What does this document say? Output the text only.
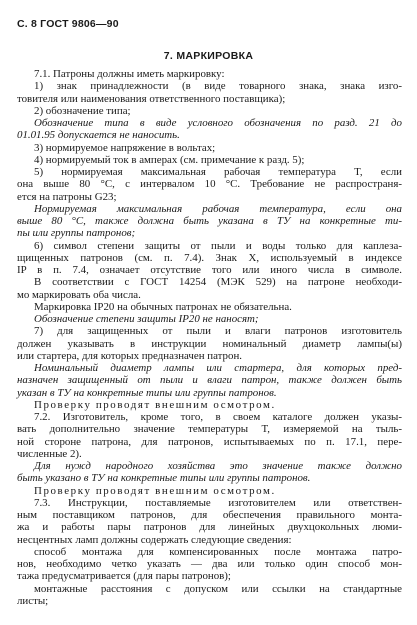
С. 8 ГОСТ 9806—90
7. МАРКИРОВКА
7.1. Патроны должны иметь маркировку:
1) знак принадлежности (в виде товарного знака, знака изго-
товителя или наименования ответственного поставщика);
2) обозначение типа;
Обозначение типа в виде условного обозначения по разд. 21 до
01.01.95 допускается не наносить.
3) нормируемое напряжение в вольтах;
4) нормируемый ток в амперах (см. примечание к разд. 5);
5) нормируемая максимальная рабочая температура T, если
она выше 80 °C, с интервалом 10 °C. Требование не распространя-
ется на патроны G23;
Нормируемая максимальная рабочая температура, если она
выше 80 °C, также должна быть указана в ТУ на конкретные ти-
пы или группы патронов;
6) символ степени защиты от пыли и воды только для каплеза-
щищенных патронов (см. п. 7.4). Знак X, используемый в индексе
IP в п. 7.4, означает отсутствие того или иного числа в символе.
В соответствии с ГОСТ 14254 (МЭК 529) на патроне необходи-
мо маркировать оба числа.
Маркировка IP20 на обычных патронах не обязательна.
Обозначение степени защиты IP20 не наносят;
7) для защищенных от пыли и влаги патронов изготовитель
должен указывать в инструкции номинальный диаметр лампы(ы)
или стартера, для которых предназначен патрон.
Номинальный диаметр лампы или стартера, для которых пред-
назначен защищенный от пыли и влаги патрон, также должен быть
указан в ТУ на конкретные типы или группы патронов.
Проверку проводят внешним осмотром.
7.2. Изготовитель, кроме того, в своем каталоге должен указы-
вать дополнительно значение температуры T, измеряемой на тыль-
ной стороне патрона, для патронов, испытываемых по п. 17.1, пере-
численные 2).
Для нужд народного хозяйства это значение также должно
быть указано в ТУ на конкретные типы или группы патронов.
Проверку проводят внешним осмотром.
7.3. Инструкции, поставляемые изготовителем или ответствен-
ным поставщиком патронов, для обеспечения правильного монта-
жа и работы пары патронов для линейных двухцокольных люми-
несцентных ламп должны содержать следующие сведения:
способ монтажа для компенсированных после монтажа патро-
нов, необходимо четко указать — два или только один способ мон-
тажа предусматривается (для пары патронов);
монтажные расстояния с допуском или ссылки на стандартные
листы;
